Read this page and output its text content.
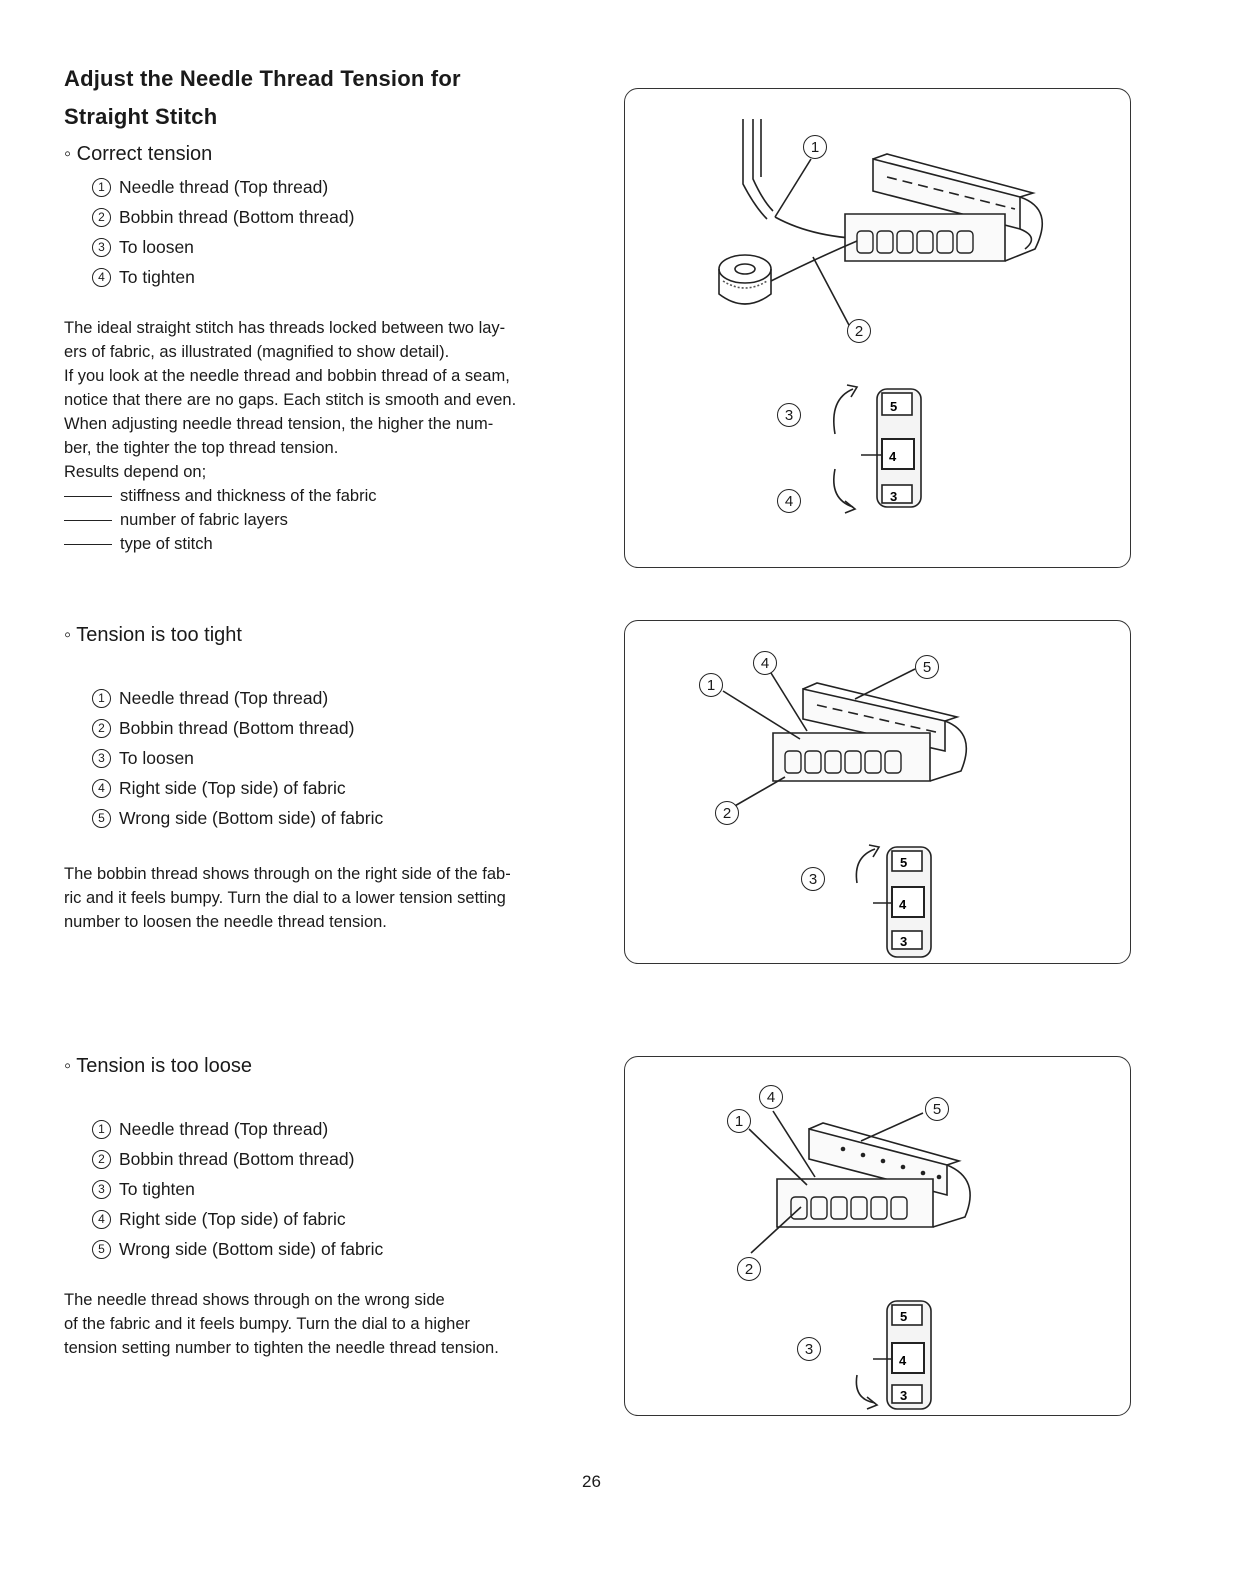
Adjust the Needle Thread Tension for
Straight Stitch
◦ Correct tension
1 Needle thread (Top thread)
2 Bobbin thread (Bottom thread)
3 To loosen
4 To tighten
The ideal straight stitch has threads locked between two lay-
ers of fabric, as illustrated (magnified to show detail).
If you look at the needle thread and bobbin thread of a seam,
notice that there are no gaps. Each stitch is smooth and even.
When adjusting needle thread tension, the higher the num-
ber, the tighter the top thread tension.
Results depend on;
stiffness and thickness of the fabric
number of fabric layers
type of stitch
◦ Tension is too tight
1 Needle thread (Top thread)
2 Bobbin thread (Bottom thread)
3 To loosen
4 Right side (Top side) of fabric
5 Wrong side (Bottom side) of fabric
The bobbin thread shows through on the right side of the fab-
ric and it feels bumpy. Turn the dial to a lower tension setting
number to loosen the needle thread tension.
◦ Tension is too loose
1 Needle thread (Top thread)
2 Bobbin thread (Bottom thread)
3 To tighten
4 Right side (Top side) of fabric
5 Wrong side (Bottom side) of fabric
The needle thread shows through on the wrong side
of the fabric and it feels bumpy. Turn the dial to a higher
tension setting number to tighten the needle thread tension.
5
4
3
1
2
3
4
5
4
3
1
2
3
4	5
5
4
3
1
2
3
4
5
26
